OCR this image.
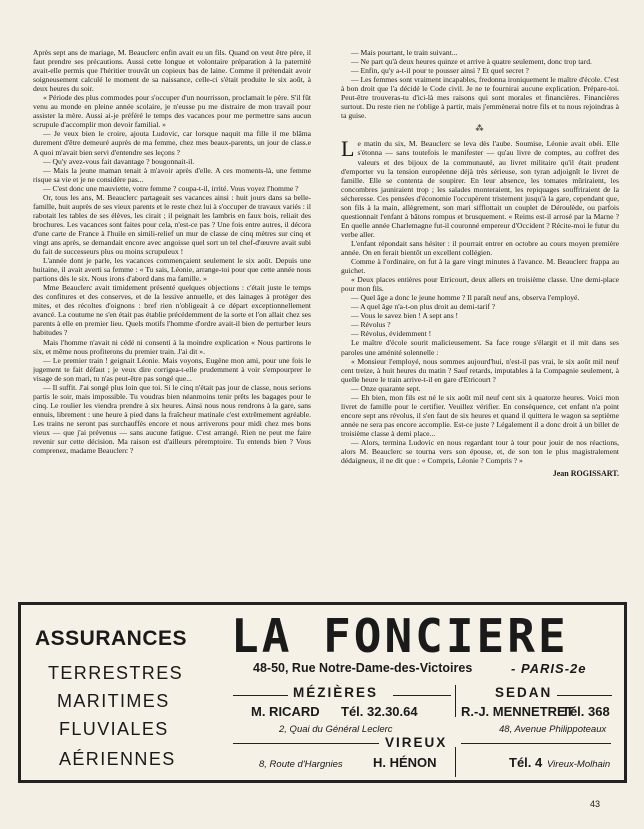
Après sept ans de mariage, M. Beauclerc enfin avait eu un fils. Quand on veut être père, il faut prendre ses précautions. Aussi cette longue et volontaire préparation à la paternité avait-elle permis que l'héritier trouvât un copieux bas de laine. Comme il prétendait avoir soigneusement calculé le moment de sa naissance, celle-ci s'était produite le six août, à deux heures du soir.

« Période des plus commodes pour s'occuper d'un nourrisson, proclamait le père. S'il fût venu au monde en pleine année scolaire, je n'eusse pu me distraire de mon travail pour assister la mère. Aussi ai-je préféré le temps des vacances pour me permettre sans aucun scrupule d'accomplir mon devoir familial. »

— Je veux bien le croire, ajouta Ludovic, car lorsque naquit ma fille il me blâma durement d'être demeuré auprès de ma femme, chez mes beaux-parents, un jour de class.e A quoi m'avait bien servi d'entendre ses leçons ?

— Qu'y avez-vous fait davantage ? bougonnait-il.

— Mais la jeune maman tenait à m'avoir après d'elle. A ces moments-là, une femme risque sa vie et je ne considère pas...

— C'est donc une mauviette, votre femme ? coupa-t-il, irrité. Vous voyez l'homme ?

Or, tous les ans, M. Beauclerc partageait ses vacances ainsi : huit jours dans sa belle-famille, huit auprès de ses vieux parents et le reste chez lui à s'occuper de travaux variés : il rabotait les tables de ses élèves, les cirait ; il peignait les lambris en faux bois, reliait des brochures. Les vacances sont faites pour cela, n'est-ce pas ? Une fois entre autres, il décora d'une carte de France à l'huile en simili-relief un mur de classe de cinq mètres sur cinq et vingt ans après, se demandait encore avec angoisse quel sort un tel chef-d'œuvre avait subi du fait de successeurs plus ou moins scrupuleux !

L'année dont je parle, les vacances commençaient seulement le six août. Depuis une huitaine, il avait averti sa femme : « Tu sais, Léonie, arrange-toi pour que cette année nous partions dès le six. Nous irons d'abord dans ma famille. »

Mme Beauclerc avait timidement présenté quelques objections : c'était juste le temps des confitures et des conserves, et de la lessive annuelle, et des lainages à protéger des mites, et des récoltes d'oignons : bref rien n'obligeait à ce départ exceptionnellement avancé. La coutume ne s'en était pas établie précédemment de la sorte et l'on allait chez ses parents à elle en premier lieu. Quels motifs l'homme d'ordre avait-il bien de perturber leurs habitudes ?

Mais l'homme n'avait ni cédé ni consenti à la moindre explication « Nous partirons le six, et même nous profiterons du premier train. J'ai dit ».

— Le premier train ! geignait Léonie. Mais voyons, Eugène mon ami, pour une fois le jugement te fait défaut ; je veux dire corrigea-t-elle prudemment à voir s'empourprer le visage de son mari, tu n'as peut-être pas songé que...

— Il suffit. J'ai songé plus loin que toi. Si le cinq n'était pas jour de classe, nous serions partis le soir, mais impossible. Tu voudras bien néanmoins tenir prêts les bagages pour le cinq. Le roulier les viendra prendre à six heures. Ainsi nous nous rendrons à la gare, sans ennuis, librement : une heure à pied dans la fraîcheur matinale c'est extrêmement agréable. Les trains ne seront pas surchauffés encore et nous arriverons pour midi chez mes bons vieux — que j'ai prévenus — sans aucune fatigue. C'est arrangé. Rien ne peut me faire revenir sur cette décision. Ma raison est d'ailleurs péremptoire. Tu entends bien ? Vous comprenez, madame Beauclerc ?

— Mais pourtant, le train suivant...

— Ne part qu'à deux heures quinze et arrive à quatre seulement, donc trop tard.

— Enfin, qu'y a-t-il pour te pousser ainsi ? Et quel secret ?

— Les femmes sont vraiment incapables, fredonna ironiquement le maître d'école. C'est à bon droit que l'a décidé le Code civil. Je ne te fournirai aucune explication. Prépare-toi. Peut-être trouveras-tu d'ici-là mes raisons qui sont morales et financières. Financières surtout. Du reste rien ne t'oblige à partir, mais j'emmènerai notre fils et tu nous rejoindras à ta guise.

⁂

Le matin du six, M. Beauclerc se leva dès l'aube. Soumise, Léonie avait obéi. Elle s'étonna — sans toutefois le manifester — qu'au livre de comptes, au coffret des valeurs et des bijoux de la communauté, au livret militaire qu'il était prudent d'emporter vu la tension européenne déjà très sérieuse, son tyran adjoignît le livret de famille. Elle se contenta de soupirer. En leur absence, les tomates mûriraient, les concombres jauniraient trop ; les salades monteraient, les repiquages souffriraient de la sécheresse. Ces pensées d'économie l'occupèrent tristement jusqu'à la gare, cependant que, son fils à la main, allègrement, son mari sifflottait un couplet de Déroulède, ou parfois questionnait l'enfant à bâtons rompus et brusquement. « Reims est-il arrosé par la Marne ? En quelle année Charlemagne fut-il couronné empereur d'Occident ? Récite-moi le futur du verbe aller.

L'enfant répondait sans hésiter : il pourrait entrer en octobre au cours moyen première année. On en ferait bientôt un excellent collégien.

Comme à l'ordinaire, on fut à la gare vingt minutes à l'avance. M. Beauclerc frappa au guichet.

« Deux places entières pour Etricourt, deux allers en troisième classe. Une demi-place pour mon fils.

— Quel âge a donc le jeune homme ? Il paraît neuf ans, observa l'employé.

— A quel âge n'a-t-on plus droit au demi-tarif ?

— Vous le savez bien ! A sept ans !

— Révolus ?

— Révolus, évidemment !

Le maître d'école sourit malicieusement. Sa face rouge s'élargit et il mit dans ses paroles une aménité solennelle :

« Monsieur l'employé, nous sommes aujourd'hui, n'est-il pas vrai, le six août mil neuf cent treize, à huit heures du matin ? Sauf retards, imputables à la Compagnie seulement, à quelle heure le train arrive-t-il en gare d'Etricourt ?

— Onze quarante sept.

— Eh bien, mon fils est né le six août mil neuf cent six à quatorze heures. Voici mon livret de famille pour le certifier. Veuillez vérifier. En conséquence, cet enfant n'a point encore sept ans révolus, il s'en faut de six heures et quand il quittera le wagon sa septième année ne sera pas encore accomplie. Est-ce juste ? Légalement il a donc droit à un billet de troisième classe à demi place...

— Alors, termina Ludovic en nous regardant tour à tour pour jouir de nos réactions, alors M. Beauclerc se tourna vers son épouse, et, de son ton le plus magistralement dédaigneux, il ne dit que : « Compris, Léonie ? Compris ? »

Jean ROGISSART.
ASSURANCES
TERRESTRES
MARITIMES
FLUVIALES
AÉRIENNES
LA FONCIERE
48-50, Rue Notre-Dame-des-Victoires	- PARIS-2e
MÉZIÈRES
M. RICARD Tél. 32.30.64
2, Quai du Général Leclerc
SEDAN
R.-J. MENNETRET
Tél. 368
48, Avenue Philippoteaux
VIREUX
8, Route d'Hargnies H. HÉNON	Tél. 4 Vireux-Molhain
43
